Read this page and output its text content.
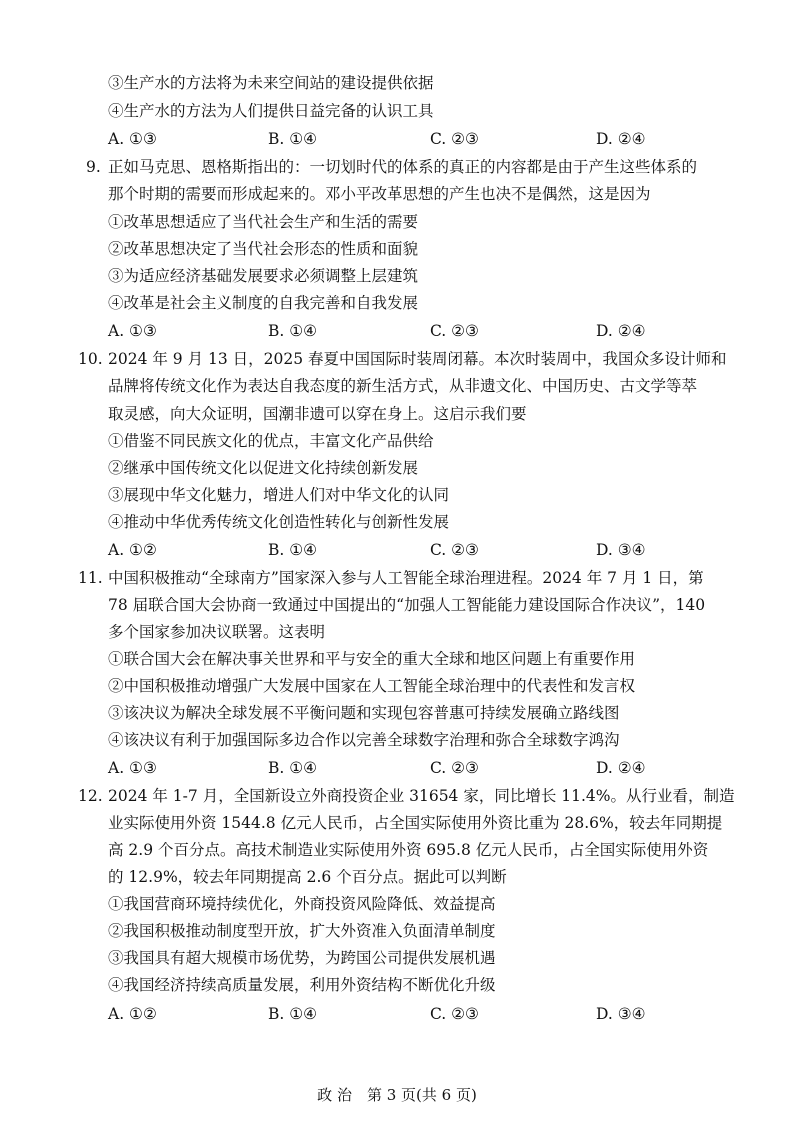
③生产水的方法将为未来空间站的建设提供依据
④生产水的方法为人们提供日益完备的认识工具
A. ①③	B. ①④	C. ②③	D. ②④
9. 正如马克思、恩格斯指出的：一切划时代的体系的真正的内容都是由于产生这些体系的
那个时期的需要而形成起来的。邓小平改革思想的产生也决不是偶然，这是因为
①改革思想适应了当代社会生产和生活的需要
②改革思想决定了当代社会形态的性质和面貌
③为适应经济基础发展要求必须调整上层建筑
④改革是社会主义制度的自我完善和自我发展
A. ①③	B. ①④	C. ②③	D. ②④
10. 2024 年 9 月 13 日，2025 春夏中国国际时装周闭幕。本次时装周中，我国众多设计师和
品牌将传统文化作为表达自我态度的新生活方式，从非遗文化、中国历史、古文学等萃
取灵感，向大众证明，国潮非遗可以穿在身上。这启示我们要
①借鉴不同民族文化的优点，丰富文化产品供给
②继承中国传统文化以促进文化持续创新发展
③展现中华文化魅力，增进人们对中华文化的认同
④推动中华优秀传统文化创造性转化与创新性发展
A. ①②	B. ①④	C. ②③	D. ③④
11. 中国积极推动“全球南方”国家深入参与人工智能全球治理进程。2024 年 7 月 1 日，第
78 届联合国大会协商一致通过中国提出的“加强人工智能能力建设国际合作决议”，140
多个国家参加决议联署。这表明
①联合国大会在解决事关世界和平与安全的重大全球和地区问题上有重要作用
②中国积极推动增强广大发展中国家在人工智能全球治理中的代表性和发言权
③该决议为解决全球发展不平衡问题和实现包容普惠可持续发展确立路线图
④该决议有利于加强国际多边合作以完善全球数字治理和弥合全球数字鸿沟
A. ①③	B. ①④	C. ②③	D. ②④
12. 2024 年 1-7 月，全国新设立外商投资企业 31654 家，同比增长 11.4%。从行业看，制造
业实际使用外资 1544.8 亿元人民币，占全国实际使用外资比重为 28.6%，较去年同期提
高 2.9 个百分点。高技术制造业实际使用外资 695.8 亿元人民币，占全国实际使用外资
的 12.9%，较去年同期提高 2.6 个百分点。据此可以判断
①我国营商环境持续优化，外商投资风险降低、效益提高
②我国积极推动制度型开放，扩大外资准入负面清单制度
③我国具有超大规模市场优势，为跨国公司提供发展机遇
④我国经济持续高质量发展，利用外资结构不断优化升级
A. ①②	B. ①④	C. ②③	D. ③④
政 治　第 3 页(共 6 页)
